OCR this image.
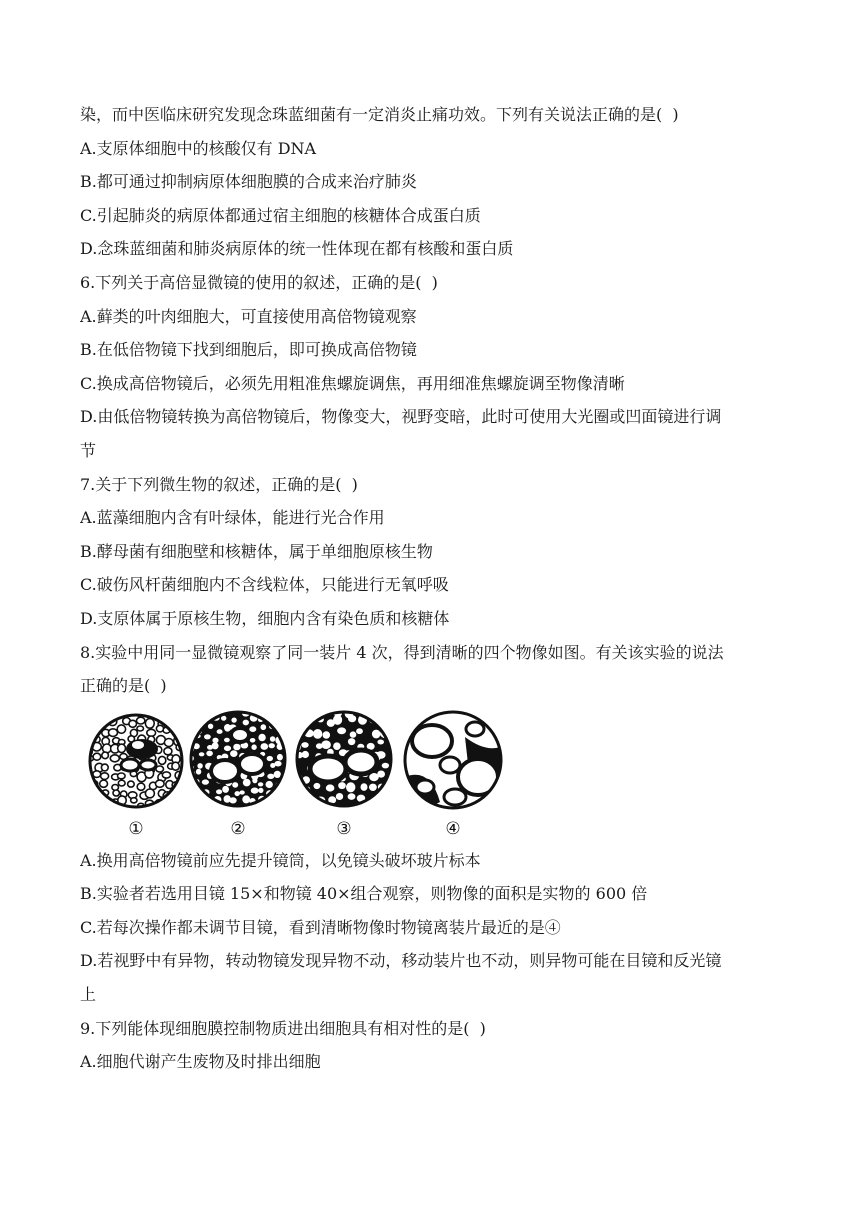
染，而中医临床研究发现念珠蓝细菌有一定消炎止痛功效。下列有关说法正确的是(  )
A.支原体细胞中的核酸仅有 DNA
B.都可通过抑制病原体细胞膜的合成来治疗肺炎
C.引起肺炎的病原体都通过宿主细胞的核糖体合成蛋白质
D.念珠蓝细菌和肺炎病原体的统一性体现在都有核酸和蛋白质
6.下列关于高倍显微镜的使用的叙述，正确的是(  )
A.藓类的叶肉细胞大，可直接使用高倍物镜观察
B.在低倍物镜下找到细胞后，即可换成高倍物镜
C.换成高倍物镜后，必须先用粗准焦螺旋调焦，再用细准焦螺旋调至物像清晰
D.由低倍物镜转换为高倍物镜后，物像变大，视野变暗，此时可使用大光圈或凹面镜进行调
节
7.关于下列微生物的叙述，正确的是(  )
A.蓝藻细胞内含有叶绿体，能进行光合作用
B.酵母菌有细胞壁和核糖体，属于单细胞原核生物
C.破伤风杆菌细胞内不含线粒体，只能进行无氧呼吸
D.支原体属于原核生物，细胞内含有染色质和核糖体
8.实验中用同一显微镜观察了同一装片 4 次，得到清晰的四个物像如图。有关该实验的说法
正确的是(  )
①	②	③	④
A.换用高倍物镜前应先提升镜筒，以免镜头破坏玻片标本
B.实验者若选用目镜 15×和物镜 40×组合观察，则物像的面积是实物的 600 倍
C.若每次操作都未调节目镜，看到清晰物像时物镜离装片最近的是④
D.若视野中有异物，转动物镜发现异物不动，移动装片也不动，则异物可能在目镜和反光镜
上
9.下列能体现细胞膜控制物质进出细胞具有相对性的是(  )
A.细胞代谢产生废物及时排出细胞
